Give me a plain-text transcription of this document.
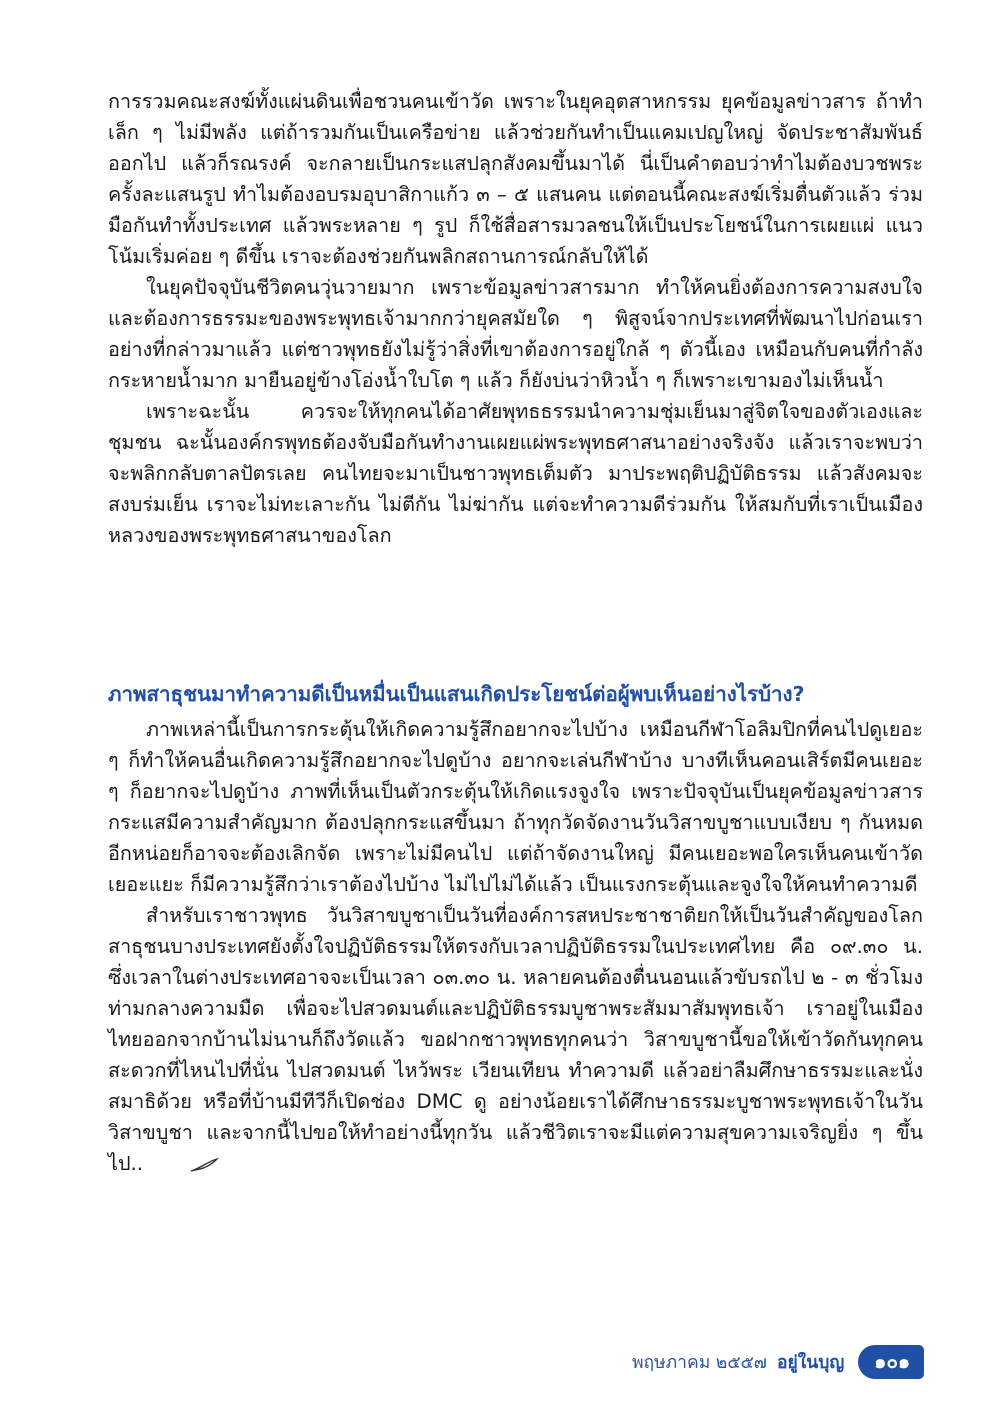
การรวมคณะสงฆ์ทั้งแผ่นดินเพื่อชวนคนเข้าวัด เพราะในยุคอุตสาหกรรม ยุคข้อมูลข่าวสาร ถ้าทำเล็ก ๆ ไม่มีพลัง แต่ถ้ารวมกันเป็นเครือข่าย แล้วช่วยกันทำเป็นแคมเปญใหญ่ จัดประชาสัมพันธ์ออกไป แล้วก็รณรงค์ จะกลายเป็นกระแสปลุกสังคมขึ้นมาได้ นี่เป็นคำตอบว่าทำไมต้องบวชพระครั้งละแสนรูป ทำไมต้องอบรมอุบาสิกาแก้ว ๓ – ๕ แสนคน แต่ตอนนี้คณะสงฆ์เริ่มตื่นตัวแล้ว ร่วมมือกันทำทั้งประเทศ แล้วพระหลาย ๆ รูป ก็ใช้สื่อสารมวลชนให้เป็นประโยชน์ในการเผยแผ่ แนวโน้มเริ่มค่อย ๆ ดีขึ้น เราจะต้องช่วยกันพลิกสถานการณ์กลับให้ได้

ในยุคปัจจุบันชีวิตคนวุ่นวายมาก เพราะข้อมูลข่าวสารมาก ทำให้คนยิ่งต้องการความสงบใจ และต้องการธรรมะของพระพุทธเจ้ามากกว่ายุคสมัยใด ๆ พิสูจน์จากประเทศที่พัฒนาไปก่อนเราอย่างที่กล่าวมาแล้ว แต่ชาวพุทธยังไม่รู้ว่าสิ่งที่เขาต้องการอยู่ใกล้ ๆ ตัวนี้เอง เหมือนกับคนที่กำลังกระหายน้ำมาก มายืนอยู่ข้างโอ่งน้ำใบโต ๆ แล้ว ก็ยังบ่นว่าหิวน้ำ ๆ ก็เพราะเขามองไม่เห็นน้ำ

เพราะฉะนั้น ควรจะให้ทุกคนได้อาศัยพุทธธรรมนำความชุ่มเย็นมาสู่จิตใจของตัวเองและชุมชน ฉะนั้นองค์กรพุทธต้องจับมือกันทำงานเผยแผ่พระพุทธศาสนาอย่างจริงจัง แล้วเราจะพบว่าจะพลิกกลับตาลปัตรเลย คนไทยจะมาเป็นชาวพุทธเต็มตัว มาประพฤติปฏิบัติธรรม แล้วสังคมจะสงบร่มเย็น เราจะไม่ทะเลาะกัน ไม่ตีกัน ไม่ฆ่ากัน แต่จะทำความดีร่วมกัน ให้สมกับที่เราเป็นเมืองหลวงของพระพุทธศาสนาของโลก

ภาพสาธุชนมาทำความดีเป็นหมื่นเป็นแสนเกิดประโยชน์ต่อผู้พบเห็นอย่างไรบ้าง?

ภาพเหล่านี้เป็นการกระตุ้นให้เกิดความรู้สึกอยากจะไปบ้าง เหมือนกีฬาโอลิมปิกที่คนไปดูเยอะ ๆ ก็ทำให้คนอื่นเกิดความรู้สึกอยากจะไปดูบ้าง อยากจะเล่นกีฬาบ้าง บางทีเห็นคอนเสิร์ตมีคนเยอะ ๆ ก็อยากจะไปดูบ้าง ภาพที่เห็นเป็นตัวกระตุ้นให้เกิดแรงจูงใจ เพราะปัจจุบันเป็นยุคข้อมูลข่าวสาร กระแสมีความสำคัญมาก ต้องปลุกกระแสขึ้นมา ถ้าทุกวัดจัดงานวันวิสาขบูชาแบบเงียบ ๆ กันหมด อีกหน่อยก็อาจจะต้องเลิกจัด เพราะไม่มีคนไป แต่ถ้าจัดงานใหญ่ มีคนเยอะพอใครเห็นคนเข้าวัดเยอะแยะ ก็มีความรู้สึกว่าเราต้องไปบ้าง ไม่ไปไม่ได้แล้ว เป็นแรงกระตุ้นและจูงใจให้คนทำความดี

สำหรับเราชาวพุทธ วันวิสาขบูชาเป็นวันที่องค์การสหประชาชาติยกให้เป็นวันสำคัญของโลก สาธุชนบางประเทศยังตั้งใจปฏิบัติธรรมให้ตรงกับเวลาปฏิบัติธรรมในประเทศไทย คือ ๐๙.๓๐ น. ซึ่งเวลาในต่างประเทศอาจจะเป็นเวลา ๐๓.๓๐ น. หลายคนต้องตื่นนอนแล้วขับรถไป ๒ - ๓ ชั่วโมงท่ามกลางความมืด เพื่อจะไปสวดมนต์และปฏิบัติธรรมบูชาพระสัมมาสัมพุทธเจ้า เราอยู่ในเมืองไทยออกจากบ้านไม่นานก็ถึงวัดแล้ว ขอฝากชาวพุทธทุกคนว่า วิสาขบูชานี้ขอให้เข้าวัดกันทุกคน สะดวกที่ไหนไปที่นั่น ไปสวดมนต์ ไหว้พระ เวียนเทียน ทำความดี แล้วอย่าลืมศึกษาธรรมะและนั่งสมาธิด้วย หรือที่บ้านมีทีวีก็เปิดช่อง DMC ดู อย่างน้อยเราได้ศึกษาธรรมะบูชาพระพุทธเจ้าในวันวิสาขบูชา และจากนี้ไปขอให้ทำอย่างนี้ทุกวัน แล้วชีวิตเราจะมีแต่ความสุขความเจริญยิ่ง ๆ ขึ้นไป..

พฤษภาคม ๒๕๕๗ อยู่ในบุญ	๑๐๑
